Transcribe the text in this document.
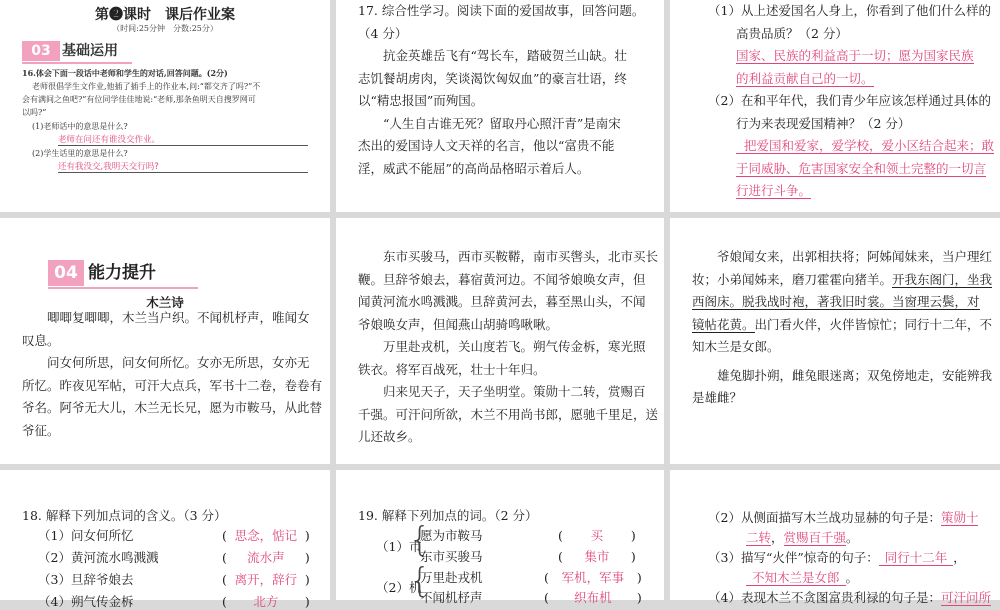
第❷课时　课后作业案
（时间:25分钟　分数:25分）
03 基础运用
16.体会下面一段话中老师和学生的对话,回答问题。(2分)
老师很倡学生文作业,他插了插手上的作业本,问:“都交齐了吗?”不
会有满间之鱼吧?”有位同学佳佳地说:“老师,那条鱼明天自搜罗网可
以吗?”
(1)老师话中的意思是什么?
老师在问还有谁没交作业。
(2)学生话里的意思是什么?
还有我没交,我明天交行吗?
17. 综合性学习。阅读下面的爱国故事，回答问题。
（4 分）
抗金英雄岳飞有“驾长车，踏破贺兰山缺。壮
志饥餐胡虏肉，笑谈渴饮匈奴血”的豪言壮语，终
以“精忠报国”而殉国。
“人生自古谁无死？留取丹心照汗青”是南宋
杰出的爱国诗人文天祥的名言，他以“富贵不能
淫，威武不能屈”的高尚品格昭示着后人。
（1）从上述爱国名人身上，你看到了他们什么样的
高贵品质？（2 分）
国家、民族的利益高于一切；愿为国家民族
的利益贡献自己的一切。
（2）在和平年代，我们青少年应该怎样通过具体的
行为来表现爱国精神？（2 分）
把爱国和爱家，爱学校，爱小区结合起来；敢
于同威胁、危害国家安全和领土完整的一切言
行进行斗争。
04 能力提升
木兰诗
唧唧复唧唧，木兰当户织。不闻机杼声，唯闻女
叹息。
问女何所思，问女何所忆。女亦无所思，女亦无
所忆。昨夜见军帖，可汗大点兵，军书十二卷，卷卷有
爷名。阿爷无大儿，木兰无长兄，愿为市鞍马，从此替
爷征。
东市买骏马，西市买鞍鞯，南市买辔头，北市买长
鞭。旦辞爷娘去，暮宿黄河边。不闻爷娘唤女声，但
闻黄河流水鸣溅溅。旦辞黄河去，暮至黑山头，不闻
爷娘唤女声，但闻燕山胡骑鸣啾啾。
万里赴戎机，关山度若飞。朔气传金柝，寒光照
铁衣。将军百战死，壮士十年归。
归来见天子，天子坐明堂。策勋十二转，赏赐百
千强。可汗问所欲，木兰不用尚书郎，愿驰千里足，送
儿还故乡。
爷娘闻女来，出郭相扶将；阿姊闻妹来，当户理红
妆；小弟闻姊来，磨刀霍霍向猪羊。开我东阁门，坐我
西阁床。脱我战时袍，著我旧时裳。当窗理云鬓，对
镜帖花黄。出门看火伴，火伴皆惊忙；同行十二年，不
知木兰是女郎。
雄兔脚扑朔，雌兔眼迷离；双兔傍地走，安能辨我
是雄雌？
18. 解释下列加点词的含义。（3 分）
（1）问女何所忆	( 思念，惦记 )
（2）黄河流水鸣溅溅	( 流水声 )
（3）旦辞爷娘去	( 离开，辞行 )
（4）朔气传金柝	( 北方 )
19. 解释下列加点的词。（2 分）
（1）市
{
愿为市鞍马	( 买 )
东市买骏马	( 集市 )
（2）机
{
万里赴戎机	( 军机，军事 )
不闻机杼声	( 织布机 )
（2）从侧面描写木兰战功显赫的句子是：策勋十
二转，赏赐百千强。
（3）描写“火伴”惊奇的句子： 同行十二年 ，
不知木兰是女郎 。
（4）表现木兰不贪图富贵利禄的句子是：可汗问所
